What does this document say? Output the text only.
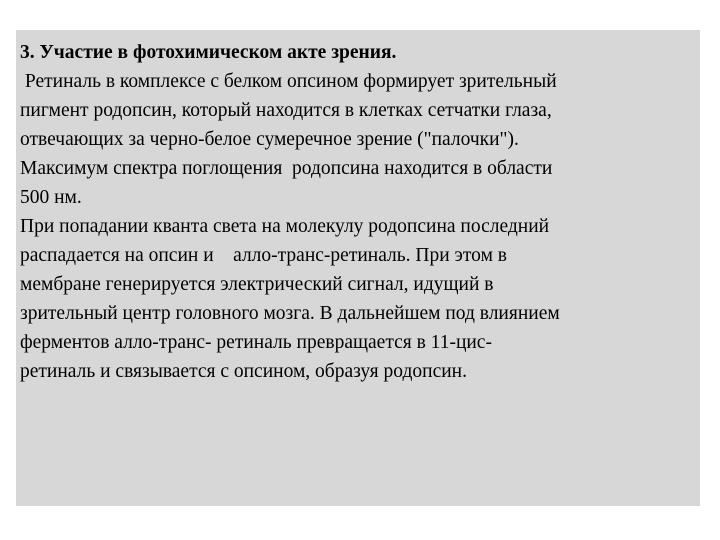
3. Участие в фотохимическом акте зрения.
Ретиналь в комплексе с белком опсином формирует зрительный
пигмент родопсин, который находится в клетках сетчатки глаза,
отвечающих за черно-белое сумеречное зрение ("палочки").
Максимум спектра поглощения  родопсина находится в области
500 нм.
При попадании кванта света на молекулу родопсина последний
распадается на опсин и    алло-транс-ретиналь. При этом в
мембране генерируется электрический сигнал, идущий в
зрительный центр головного мозга. В дальнейшем под влиянием
ферментов алло-транс- ретиналь превращается в 11-цис-
ретиналь и связывается с опсином, образуя родопсин.
